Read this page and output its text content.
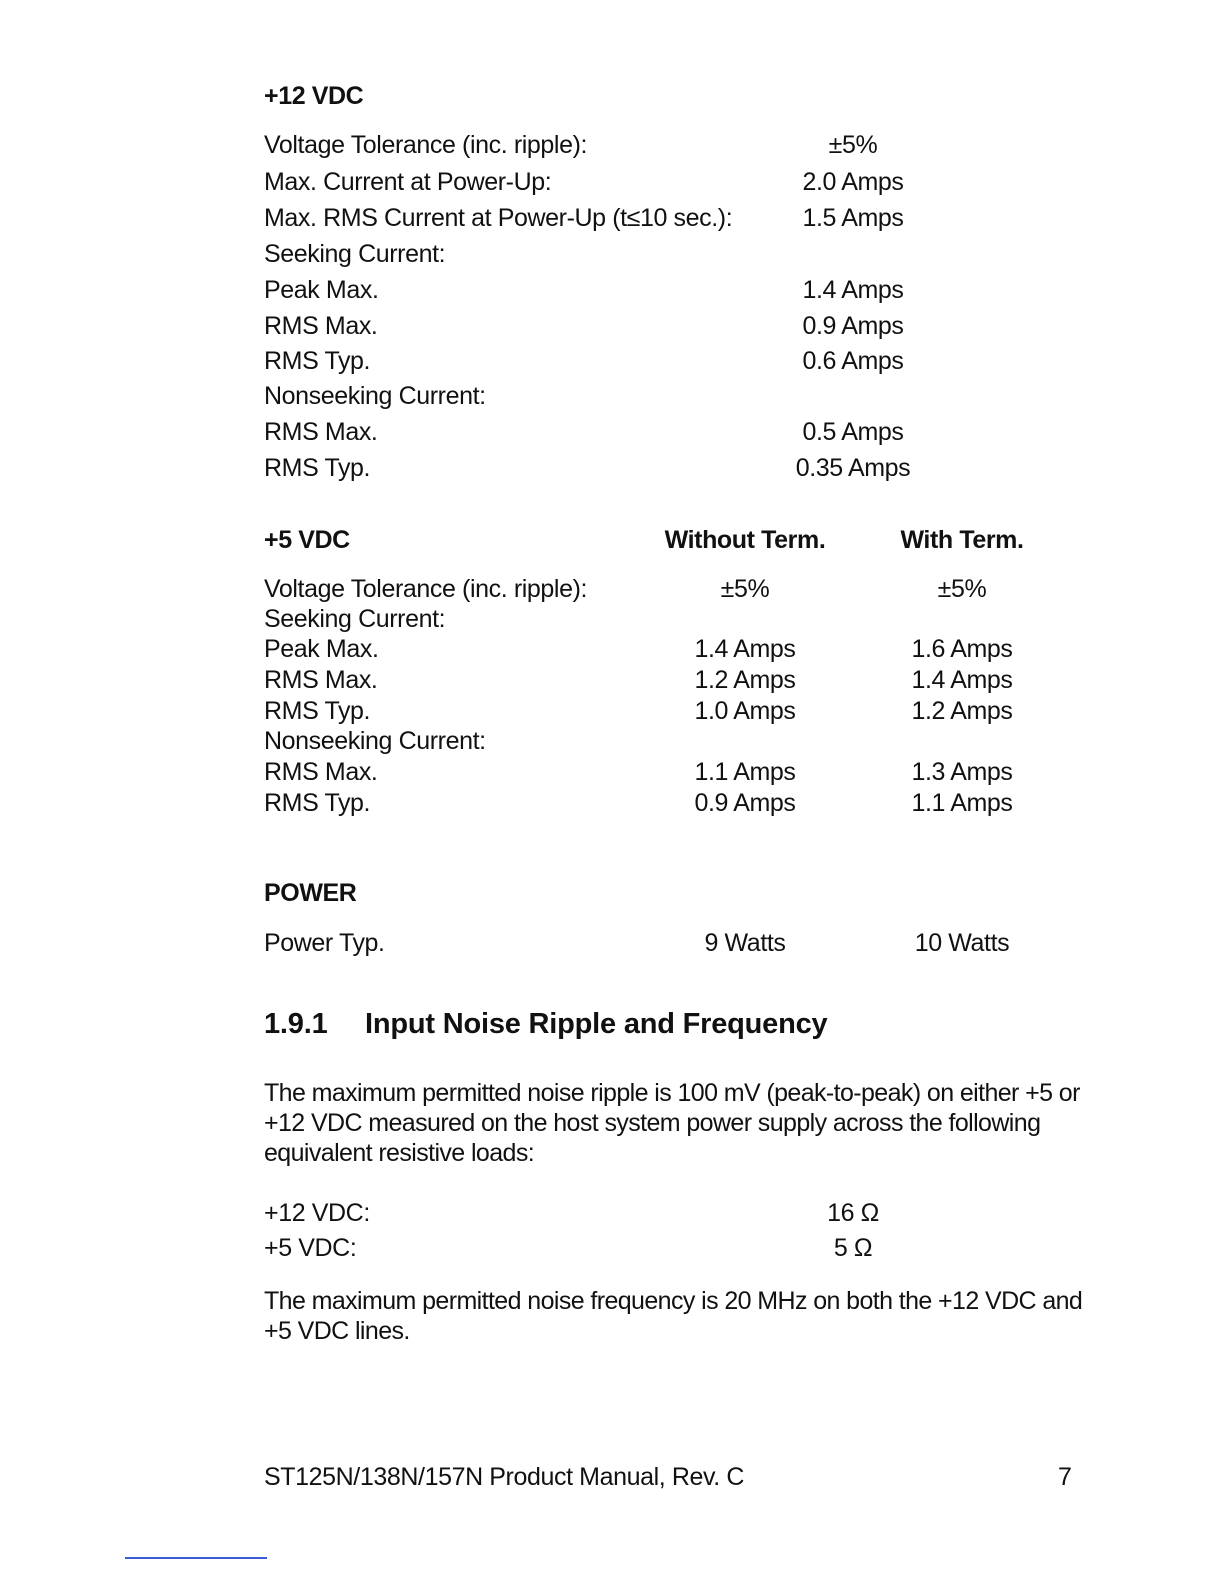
+12 VDC
Voltage Tolerance (inc. ripple):	±5%
Max. Current at Power-Up:	2.0 Amps
Max. RMS Current at Power-Up (t≤10 sec.):	1.5 Amps
Seeking Current:
Peak Max.	1.4 Amps
RMS Max.	0.9 Amps
RMS Typ.	0.6 Amps
Nonseeking Current:
RMS Max.	0.5 Amps
RMS Typ.	0.35 Amps
+5 VDC	Without Term.	With Term.
Voltage Tolerance (inc. ripple):	±5%	±5%
Seeking Current:
Peak Max.	1.4 Amps	1.6 Amps
RMS Max.	1.2 Amps	1.4 Amps
RMS Typ.	1.0 Amps	1.2 Amps
Nonseeking Current:
RMS Max.	1.1 Amps	1.3 Amps
RMS Typ.	0.9 Amps	1.1 Amps
POWER
Power Typ.	9 Watts	10 Watts
1.9.1 Input Noise Ripple and Frequency
The maximum permitted noise ripple is 100 mV (peak-to-peak) on either +5 or +12 VDC measured on the host system power supply across the following equivalent resistive loads:
+12 VDC:	16 Ω
+5 VDC:	5 Ω
The maximum permitted noise frequency is 20 MHz on both the +12 VDC and +5 VDC lines.
ST125N/138N/157N Product Manual, Rev. C	7
